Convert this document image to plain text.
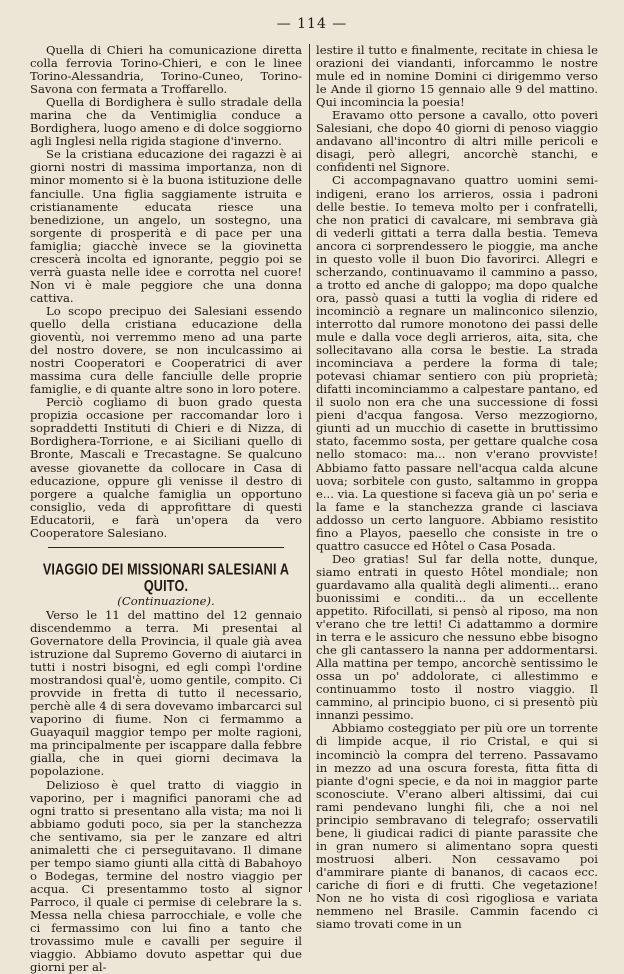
— 114 —

Quella di Chieri ha comunicazione diretta colla ferrovia Torino-Chieri, e con le linee Torino-Alessandria, Torino-Cuneo, Torino-Savona con fermata a Troffarello.

Quella di Bordighera è sullo stradale della marina che da Ventimiglia conduce a Bordighera, luogo ameno e di dolce soggiorno agli Inglesi nella rigida stagione d'inverno.

Se la cristiana educazione dei ragazzi è ai giorni nostri di massima importanza, non di minor momento si è la buona istituzione delle fanciulle. Una figlia saggiamente istruita e cristianamente educata riesce una benedizione, un angelo, un sostegno, una sorgente di prosperità e di pace per una famiglia; giacchè invece se la giovinetta crescerà incolta ed ignorante, peggio poi se verrà guasta nelle idee e corrotta nel cuore! Non vi è male peggiore che una donna cattiva.

Lo scopo precipuo dei Salesiani essendo quello della cristiana educazione della gioventù, noi verremmo meno ad una parte del nostro dovere, se non inculcassimo ai nostri Cooperatori e Cooperatrici di aver massima cura delle fanciulle delle proprie famiglie, e di quante altre sono in loro potere.

Perciò cogliamo di buon grado questa propizia occasione per raccomandar loro i sopraddetti Instituti di Chieri e di Nizza, di Bordighera-Torrione, e ai Siciliani quello di Bronte, Mascali e Trecastagne. Se qualcuno avesse giovanette da collocare in Casa di educazione, oppure gli venisse il destro di porgere a qualche famiglia un opportuno consiglio, veda di approfittare di questi Educatorii, e farà un'opera da vero Cooperatore Salesiano.

VIAGGIO DEI MISSIONARI SALESIANI A QUITO.
(Continuazione).

Verso le 11 del mattino del 12 gennaio discendemmo a terra. Mi presentai al Governatore della Provincia, il quale già avea istruzione dal Supremo Governo di aiutarci in tutti i nostri bisogni, ed egli compì l'ordine mostrandosi qual'è, uomo gentile, compito. Ci provvide in fretta di tutto il necessario, perchè alle 4 di sera dovevamo imbarcarci sul vaporino di fiume. Non ci fermammo a Guayaquil maggior tempo per molte ragioni, ma principalmente per iscappare dalla febbre gialla, che in quei giorni decimava la popolazione.

Delizioso è quel tratto di viaggio in vaporino, per i magnifici panorami che ad ogni tratto si presentano alla vista; ma noi li abbiamo goduti poco, sia per la stanchezza che sentivamo, sia per le zanzare ed altri animaletti che ci perseguitavano. Il dimane per tempo siamo giunti alla città di Babahoyo o Bodegas, termine del nostro viaggio per acqua. Ci presentammo tosto al signor Parroco, il quale ci permise di celebrare la s. Messa nella chiesa parrocchiale, e volle che ci fermassimo con lui fino a tanto che trovassimo mule e cavalli per seguire il viaggio. Abbiamo dovuto aspettar qui due giorni per al-

lestire il tutto e finalmente, recitate in chiesa le orazioni dei viandanti, inforcammo le nostre mule ed in nomine Domini ci dirigemmo verso le Ande il giorno 15 gennaio alle 9 del mattino. Qui incomincia la poesia!

Eravamo otto persone a cavallo, otto poveri Salesiani, che dopo 40 giorni di penoso viaggio andavano all'incontro di altri mille pericoli e disagi, però allegri, ancorchè stanchi, e confidenti nel Signore.

Ci accompagnavano quattro uomini semi-indigeni, erano los arrieros, ossia i padroni delle bestie. Io temeva molto per i confratelli, che non pratici di cavalcare, mi sembrava già di vederli gittati a terra dalla bestia. Temeva ancora ci sorprendessero le pioggie, ma anche in questo volle il buon Dio favorirci. Allegri e scherzando, continuavamo il cammino a passo, a trotto ed anche di galoppo; ma dopo qualche ora, passò quasi a tutti la voglia di ridere ed incominciò a regnare un malinconico silenzio, interrotto dal rumore monotono dei passi delle mule e dalla voce degli arrieros, aita, sita, che sollecitavano alla corsa le bestie. La strada incominciava a perdere la forma di tale; potevasi chiamar sentiero con più proprietà; difatti incominciammo a calpestare pantano, ed il suolo non era che una successione di fossi pieni d'acqua fangosa. Verso mezzogiorno, giunti ad un mucchio di casette in bruttissimo stato, facemmo sosta, per gettare qualche cosa nello stomaco: ma... non v'erano provviste! Abbiamo fatto passare nell'acqua calda alcune uova; sorbitele con gusto, saltammo in groppa e... via. La questione si faceva già un po' seria e la fame e la stanchezza grande ci lasciava addosso un certo languore. Abbiamo resistito fino a Playos, paesello che consiste in tre o quattro casucce ed Hôtel o Casa Posada.

Deo gratias! Sul far della notte, dunque, siamo entrati in questo Hôtel mondiale; non guardavamo alla qualità degli alimenti... erano buonissimi e conditi... da un eccellente appetito. Rifocillati, si pensò al riposo, ma non v'erano che tre letti! Ci adattammo a dormire in terra e le assicuro che nessuno ebbe bisogno che gli cantassero la nanna per addormentarsi. Alla mattina per tempo, ancorchè sentissimo le ossa un po' addolorate, ci allestimmo e continuammo tosto il nostro viaggio. Il cammino, al principio buono, ci si presentò più innanzi pessimo.

Abbiamo costeggiato per più ore un torrente di limpide acque, il rio Cristal, e qui si incominciò la compra del terreno. Passavamo in mezzo ad una oscura foresta, fitta fitta di piante d'ogni specie, e da noi in maggior parte sconosciute. V'erano alberi altissimi, dai cui rami pendevano lunghi fili, che a noi nel principio sembravano di telegrafo; osservatili bene, li giudicai radici di piante parassite che in gran numero si alimentano sopra questi mostruosi alberi. Non cessavamo poi d'ammirare piante di bananos, di cacaos ecc. cariche di fiori e di frutti. Che vegetazione! Non ne ho vista di così rigogliosa e variata nemmeno nel Brasile. Cammin facendo ci siamo trovati come in un
